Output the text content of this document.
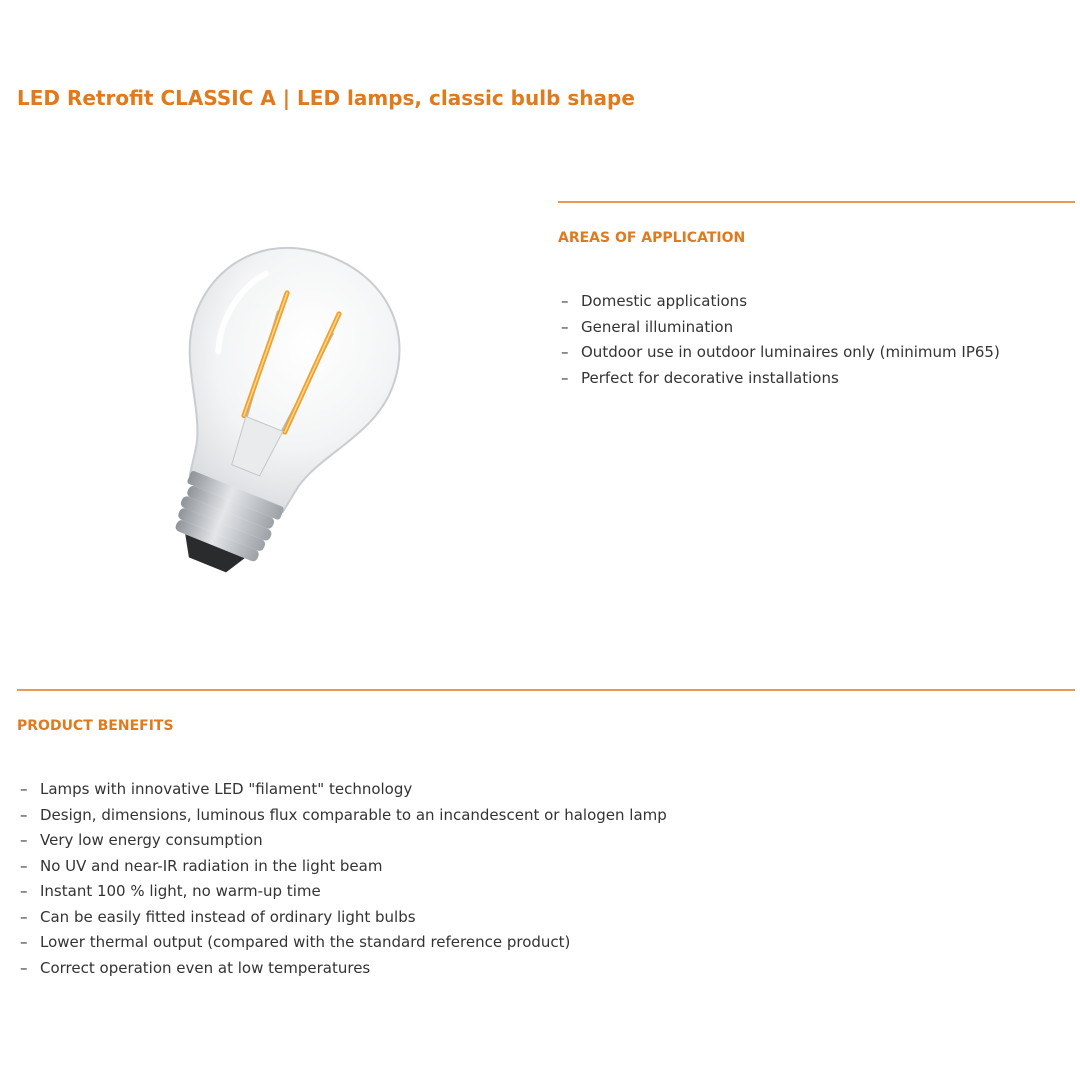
LED Retrofit CLASSIC A | LED lamps, classic bulb shape
AREAS OF APPLICATION
– Domestic applications
– General illumination
– Outdoor use in outdoor luminaires only (minimum IP65)
– Perfect for decorative installations
PRODUCT BENEFITS
– Lamps with innovative LED "filament" technology
– Design, dimensions, luminous flux comparable to an incandescent or halogen lamp
– Very low energy consumption
– No UV and near-IR radiation in the light beam
– Instant 100 % light, no warm-up time
– Can be easily fitted instead of ordinary light bulbs
– Lower thermal output (compared with the standard reference product)
– Correct operation even at low temperatures
